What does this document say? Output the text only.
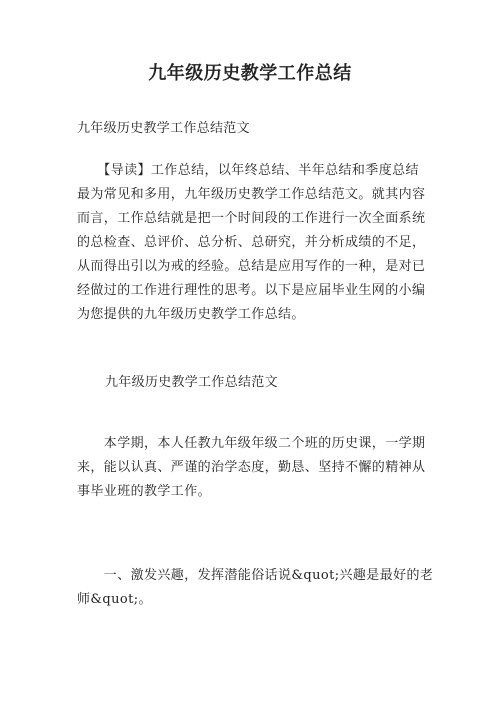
九年级历史教学工作总结
九年级历史教学工作总结范文
　　【导读】工作总结，以年终总结、半年总结和季度总结
最为常见和多用，九年级历史教学工作总结范文。就其内容
而言，工作总结就是把一个时间段的工作进行一次全面系统
的总检查、总评价、总分析、总研究，并分析成绩的不足，
从而得出引以为戒的经验。总结是应用写作的一种，是对已
经做过的工作进行理性的思考。以下是应届毕业生网的小编
为您提供的九年级历史教学工作总结。
九年级历史教学工作总结范文
　　本学期，本人任教九年级年级二个班的历史课，一学期
来，能以认真、严谨的治学态度，勤恳、坚持不懈的精神从
事毕业班的教学工作。
　　一、激发兴趣，发挥潜能俗话说&quot;兴趣是最好的老
师&quot;。
